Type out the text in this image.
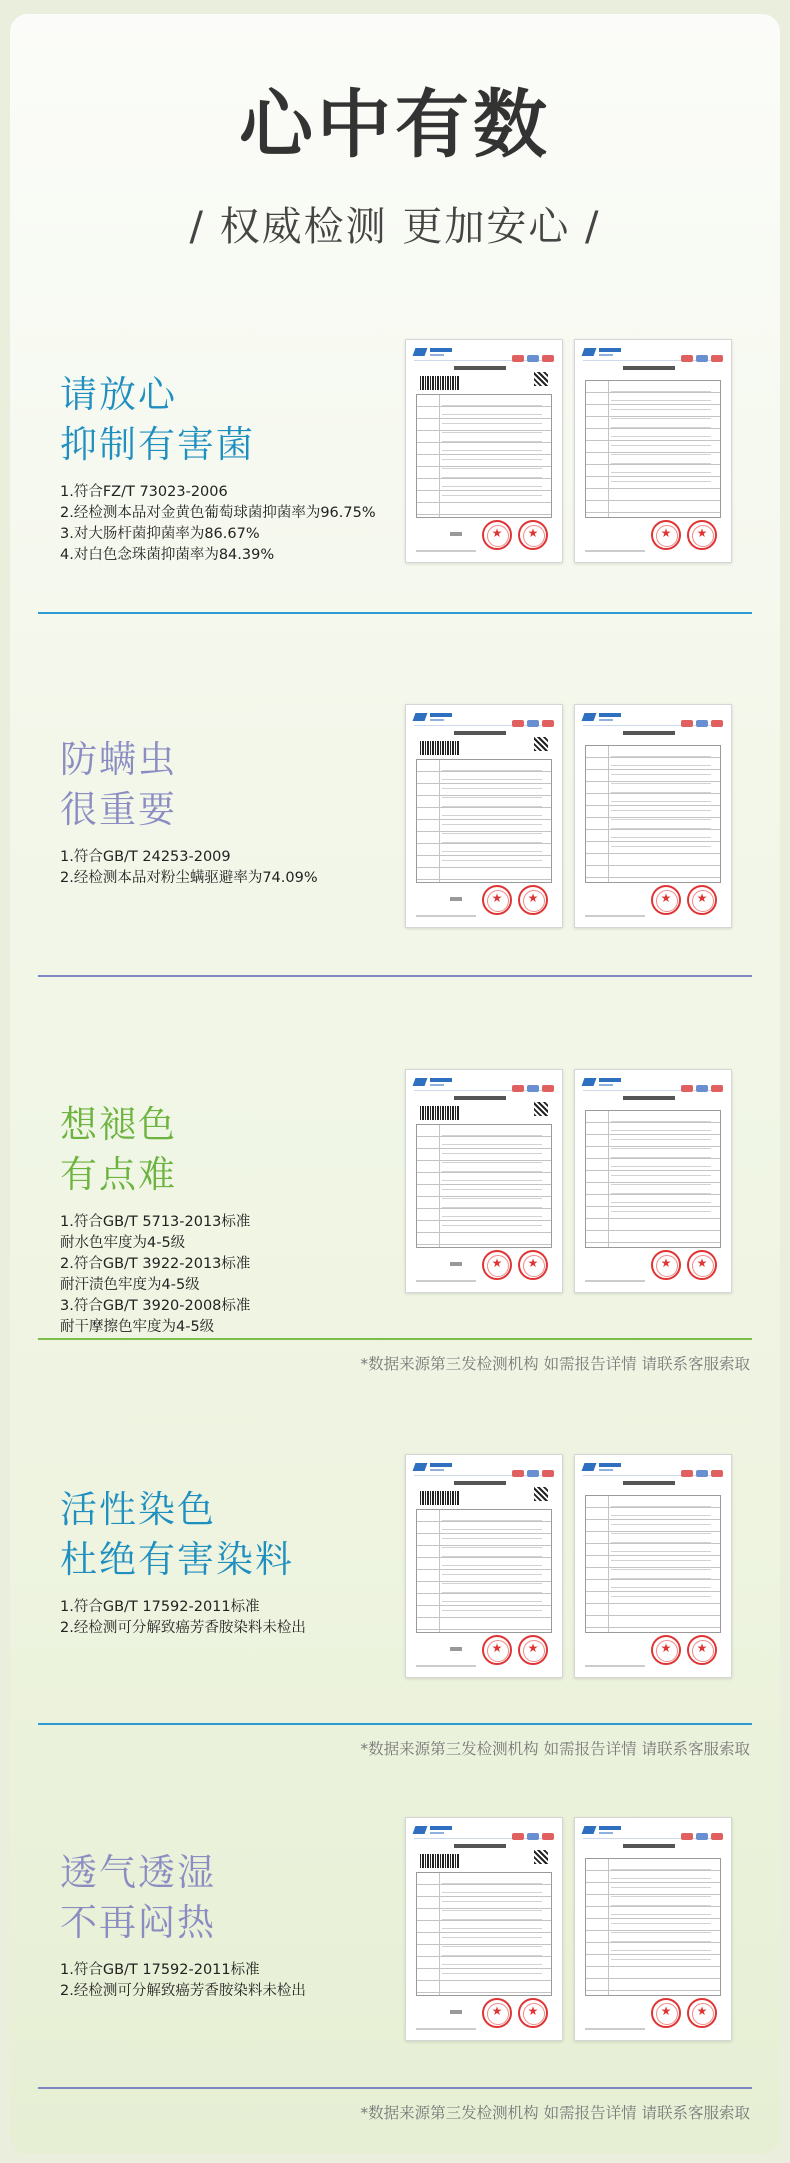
心中有数
/ 权威检测 更加安心 /
请放心
抑制有害菌
1.符合FZ/T 73023-2006
2.经检测本品对金黄色葡萄球菌抑菌率为96.75%
3.对大肠杆菌抑菌率为86.67%
4.对白色念珠菌抑菌率为84.39%
★
★
★
★
防螨虫
很重要
1.符合GB/T 24253-2009
2.经检测本品对粉尘螨驱避率为74.09%
★
★
★
★
想褪色
有点难
1.符合GB/T 5713-2013标准
耐水色牢度为4-5级
2.符合GB/T 3922-2013标准
耐汗渍色牢度为4-5级
3.符合GB/T 3920-2008标准
耐干摩擦色牢度为4-5级
★
★
★
★
*数据来源第三发检测机构 如需报告详情 请联系客服索取
活性染色
杜绝有害染料
1.符合GB/T 17592-2011标准
2.经检测可分解致癌芳香胺染料未检出
★
★
★
★
*数据来源第三发检测机构 如需报告详情 请联系客服索取
透气透湿
不再闷热
1.符合GB/T 17592-2011标准
2.经检测可分解致癌芳香胺染料未检出
★
★
★
★
*数据来源第三发检测机构 如需报告详情 请联系客服索取
